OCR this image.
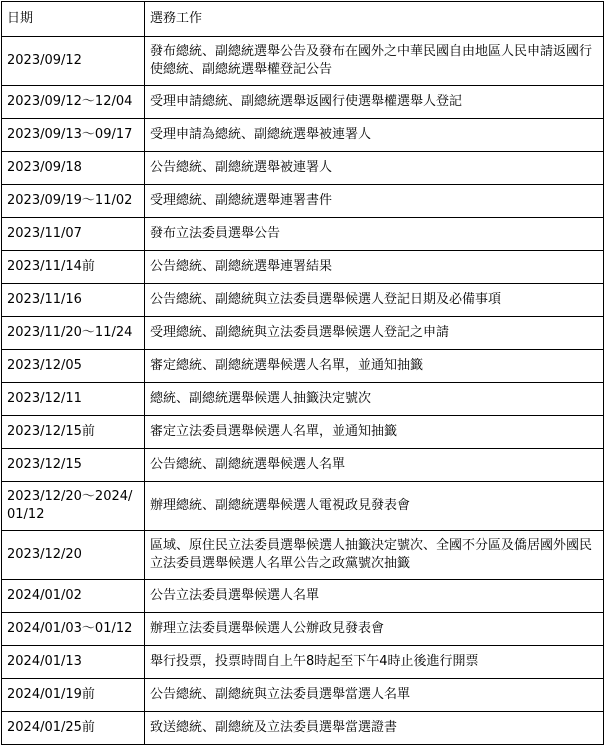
日期	選務工作

2023/09/12	發布總統、副總統選舉公告及發布在國外之中華民國自由地區人民申請返國行使總統、副總統選舉權登記公告

2023/09/12～12/04	受理申請總統、副總統選舉返國行使選舉權選舉人登記

2023/09/13～09/17	受理申請為總統、副總統選舉被連署人

2023/09/18	公告總統、副總統選舉被連署人

2023/09/19～11/02	受理總統、副總統選舉連署書件

2023/11/07	發布立法委員選舉公告

2023/11/14前	公告總統、副總統選舉連署結果

2023/11/16	公告總統、副總統與立法委員選舉候選人登記日期及必備事項

2023/11/20～11/24	受理總統、副總統與立法委員選舉候選人登記之申請

2023/12/05	審定總統、副總統選舉候選人名單，並通知抽籤

2023/12/11	總統、副總統選舉候選人抽籤決定號次

2023/12/15前	審定立法委員選舉候選人名單，並通知抽籤

2023/12/15	公告總統、副總統選舉候選人名單

2023/12/20～2024/01/12	辦理總統、副總統選舉候選人電視政見發表會

2023/12/20	區域、原住民立法委員選舉候選人抽籤決定號次、全國不分區及僑居國外國民立法委員選舉候選人名單公告之政黨號次抽籤

2024/01/02	公告立法委員選舉候選人名單

2024/01/03～01/12	辦理立法委員選舉候選人公辦政見發表會

2024/01/13	舉行投票，投票時間自上午8時起至下午4時止後進行開票

2024/01/19前	公告總統、副總統與立法委員選舉當選人名單

2024/01/25前	致送總統、副總統及立法委員選舉當選證書
